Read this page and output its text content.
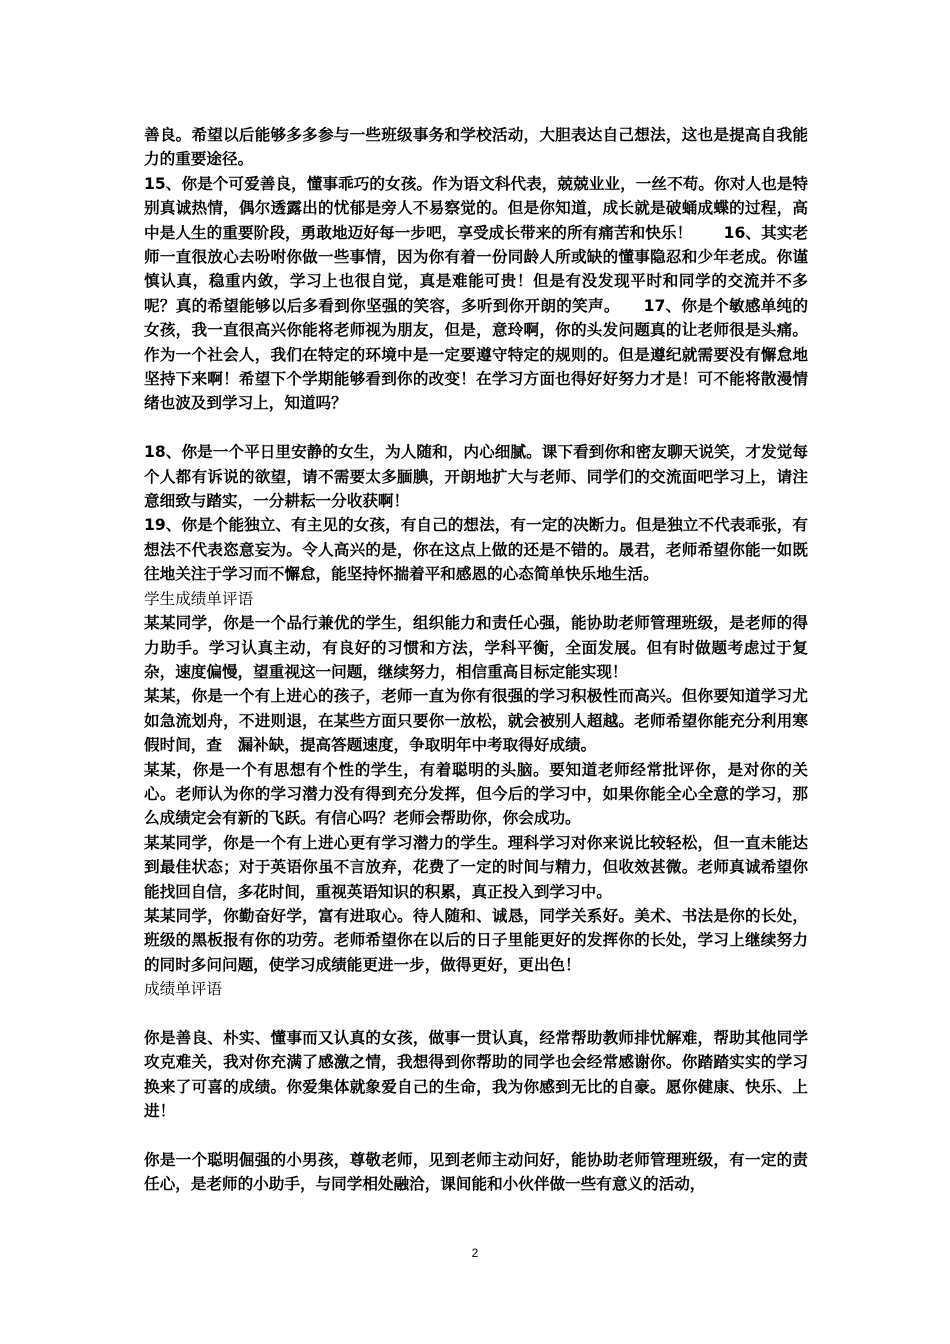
善良。希望以后能够多多参与一些班级事务和学校活动，大胆表达自己想法，这也是提高自我能力的重要途径。

15、你是个可爱善良，懂事乖巧的女孩。作为语文科代表，兢兢业业，一丝不苟。你对人也是特别真诚热情，偶尔透露出的忧郁是旁人不易察觉的。但是你知道，成长就是破蛹成蝶的过程，高中是人生的重要阶段，勇敢地迈好每一步吧，享受成长带来的所有痛苦和快乐！　　16、其实老师一直很放心去吩咐你做一些事情，因为你有着一份同龄人所或缺的懂事隐忍和少年老成。你谨慎认真，稳重内敛，学习上也很自觉，真是难能可贵！但是有没发现平时和同学的交流并不多呢？真的希望能够以后多看到你坚强的笑容，多听到你开朗的笑声。　　17、你是个敏感单纯的女孩，我一直很高兴你能将老师视为朋友，但是，意玲啊，你的头发问题真的让老师很是头痛。作为一个社会人，我们在特定的环境中是一定要遵守特定的规则的。但是遵纪就需要没有懈怠地坚持下来啊！希望下个学期能够看到你的改变！在学习方面也得好好努力才是！可不能将散漫情绪也波及到学习上，知道吗？

18、你是一个平日里安静的女生，为人随和，内心细腻。课下看到你和密友聊天说笑，才发觉每个人都有诉说的欲望，请不需要太多腼腆，开朗地扩大与老师、同学们的交流面吧学习上，请注意细致与踏实，一分耕耘一分收获啊！

19、你是个能独立、有主见的女孩，有自己的想法，有一定的决断力。但是独立不代表乖张，有想法不代表恣意妄为。令人高兴的是，你在这点上做的还是不错的。晟君，老师希望你能一如既往地关注于学习而不懈怠，能坚持怀揣着平和感恩的心态简单快乐地生活。

学生成绩单评语

某某同学，你是一个品行兼优的学生，组织能力和责任心强，能协助老师管理班级，是老师的得力助手。学习认真主动，有良好的习惯和方法，学科平衡，全面发展。但有时做题考虑过于复杂，速度偏慢，望重视这一问题，继续努力，相信重高目标定能实现！

某某，你是一个有上进心的孩子，老师一直为你有很强的学习积极性而高兴。但你要知道学习尤如急流划舟，不进则退，在某些方面只要你一放松，就会被别人超越。老师希望你能充分利用寒假时间，查　漏补缺，提高答题速度，争取明年中考取得好成绩。

某某，你是一个有思想有个性的学生，有着聪明的头脑。要知道老师经常批评你，是对你的关心。老师认为你的学习潜力没有得到充分发挥，但今后的学习中，如果你能全心全意的学习，那么成绩定会有新的飞跃。有信心吗？老师会帮助你，你会成功。

某某同学，你是一个有上进心更有学习潜力的学生。理科学习对你来说比较轻松，但一直未能达到最佳状态；对于英语你虽不言放弃，花费了一定的时间与精力，但收效甚微。老师真诚希望你能找回自信，多花时间，重视英语知识的积累，真正投入到学习中。

某某同学，你勤奋好学，富有进取心。待人随和、诚恳，同学关系好。美术、书法是你的长处，班级的黑板报有你的功劳。老师希望你在以后的日子里能更好的发挥你的长处，学习上继续努力的同时多问问题，使学习成绩能更进一步，做得更好，更出色！

成绩单评语

你是善良、朴实、懂事而又认真的女孩，做事一贯认真，经常帮助教师排忧解难，帮助其他同学攻克难关，我对你充满了感激之情，我想得到你帮助的同学也会经常感谢你。你踏踏实实的学习换来了可喜的成绩。你爱集体就象爱自己的生命，我为你感到无比的自豪。愿你健康、快乐、上进！

你是一个聪明倔强的小男孩，尊敬老师，见到老师主动问好，能协助老师管理班级，有一定的责任心，是老师的小助手，与同学相处融洽，课间能和小伙伴做一些有意义的活动，

2
